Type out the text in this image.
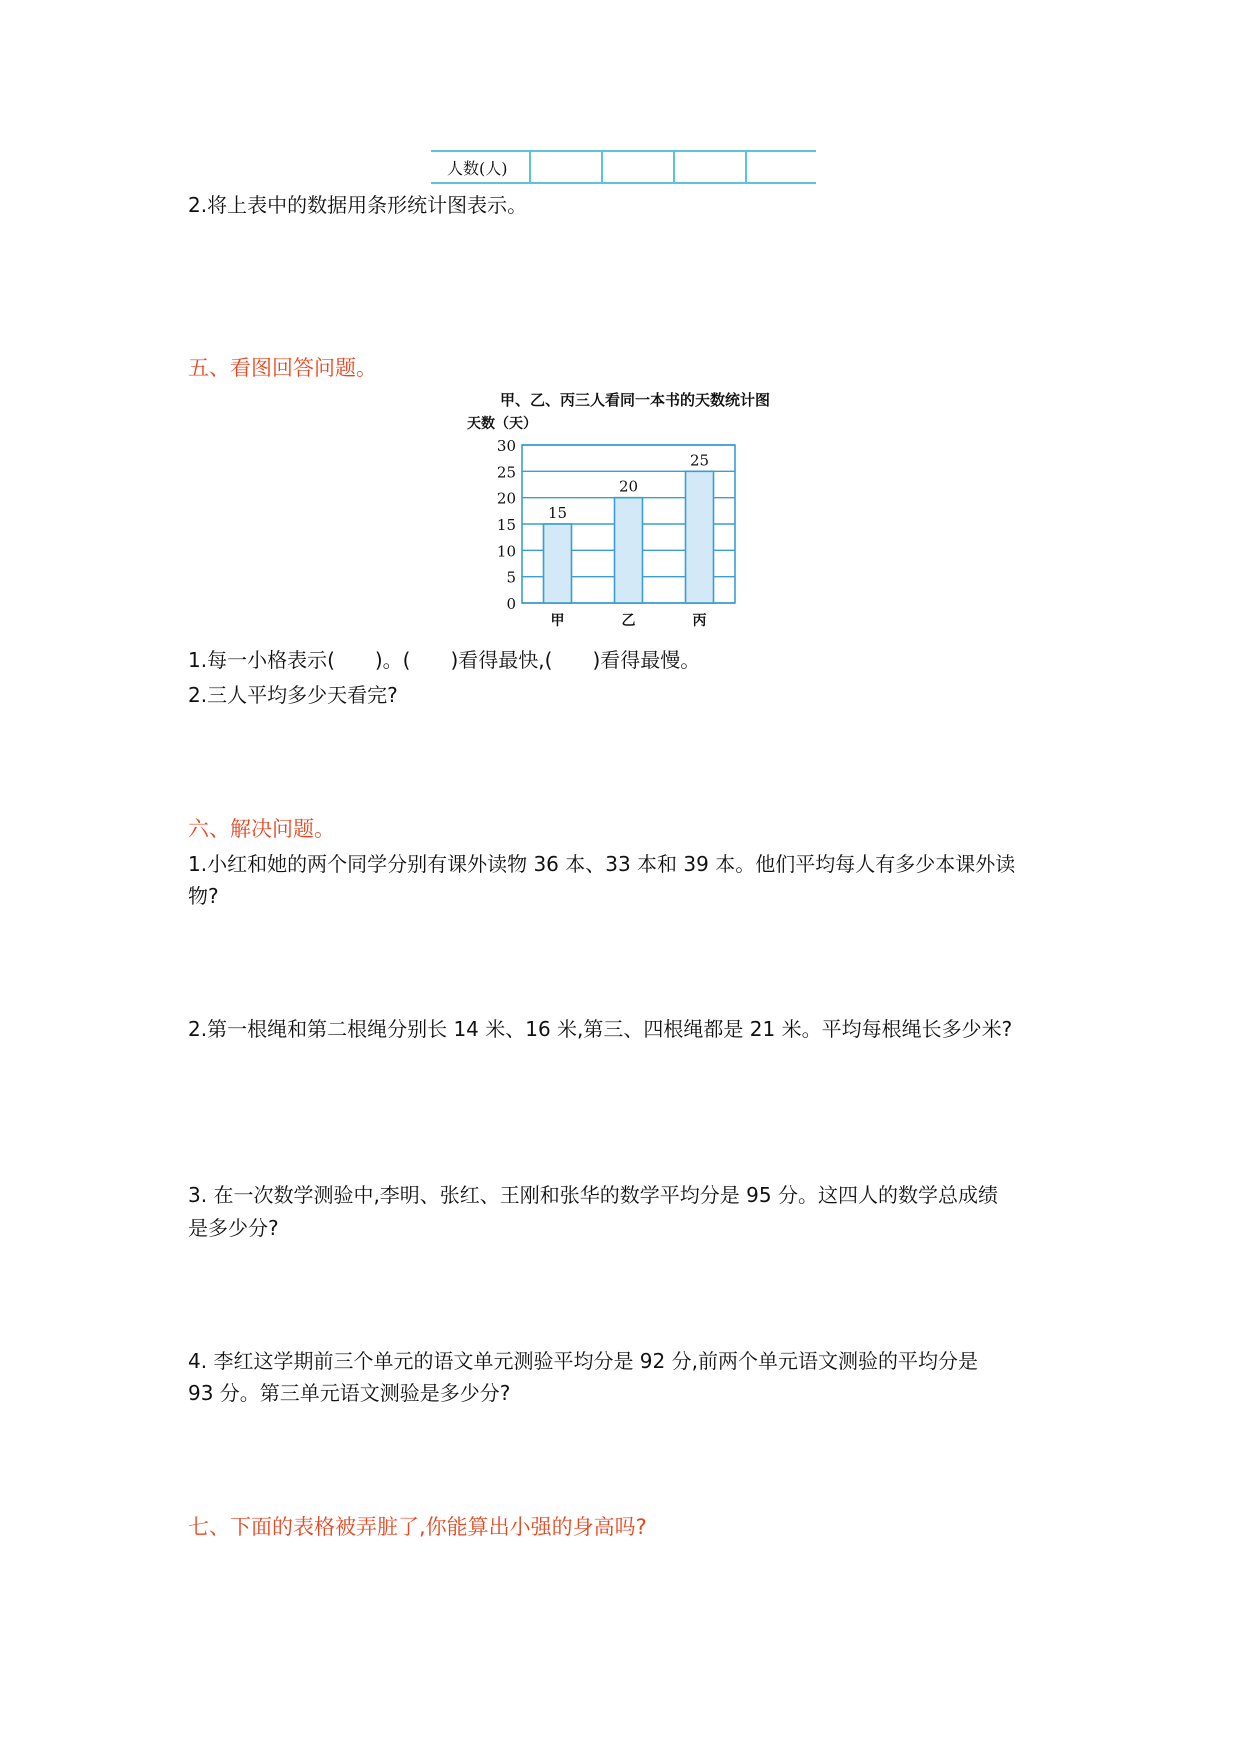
人数(人)
2.将上表中的数据用条形统计图表示。
五、看图回答问题。
甲、乙、丙三人看同一本书的天数统计图
天数（天）
0
5
10
15
20
25
30
15
甲
20
乙
25
丙
1.每一小格表示(　　)。(　　)看得最快,(　　)看得最慢。
2.三人平均多少天看完?
六、解决问题。
1.小红和她的两个同学分别有课外读物 36 本、33 本和 39 本。他们平均每人有多少本课外读
物?
2.第一根绳和第二根绳分别长 14 米、16 米,第三、四根绳都是 21 米。平均每根绳长多少米?
3. 在一次数学测验中,李明、张红、王刚和张华的数学平均分是 95 分。这四人的数学总成绩
是多少分?
4. 李红这学期前三个单元的语文单元测验平均分是 92 分,前两个单元语文测验的平均分是
93 分。第三单元语文测验是多少分?
七、下面的表格被弄脏了,你能算出小强的身高吗?
